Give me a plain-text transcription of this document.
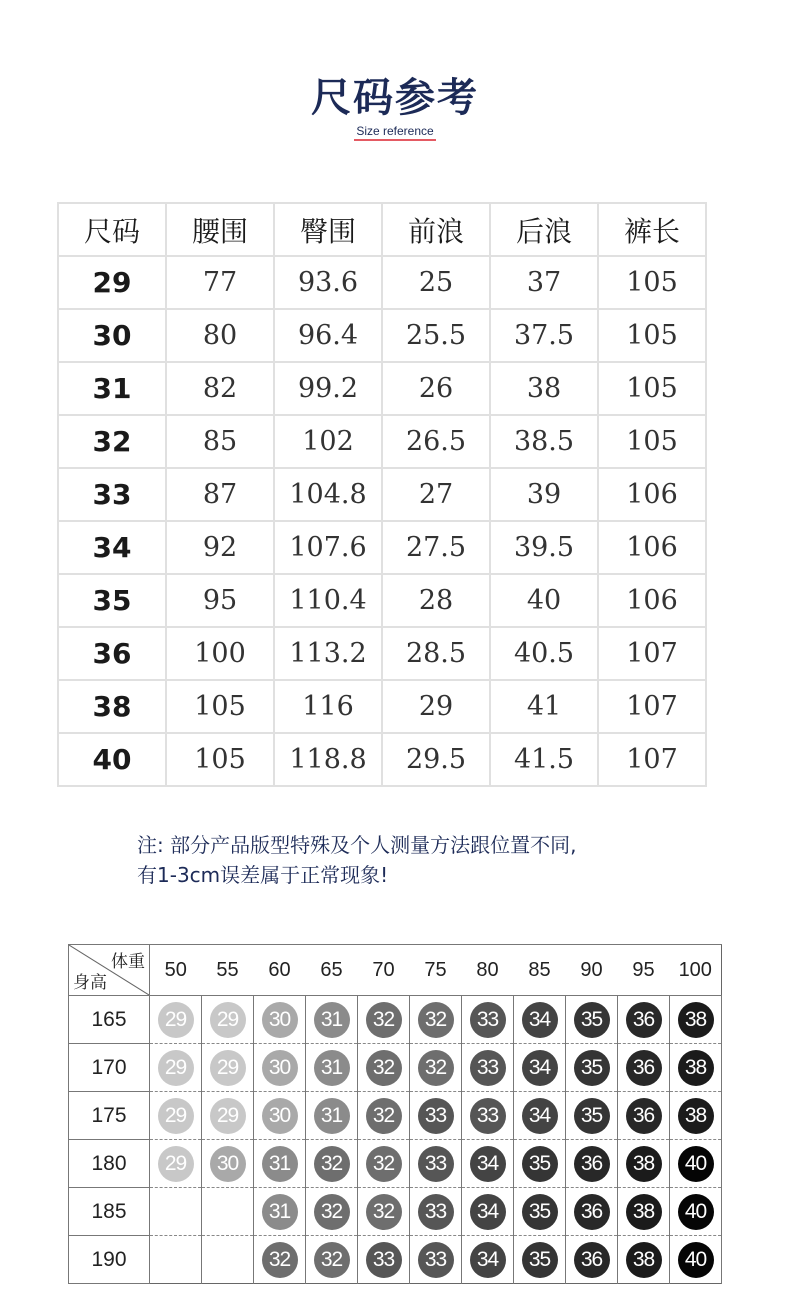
尺码参考
Size reference
尺码	腰围	臀围	前浪	后浪	裤长
29	77	93.6	25	37	105
30	80	96.4	25.5	37.5	105
31	82	99.2	26	38	105
32	85	102	26.5	38.5	105
33	87	104.8	27	39	106
34	92	107.6	27.5	39.5	106
35	95	110.4	28	40	106
36	100	113.2	28.5	40.5	107
38	105	116	29	41	107
40	105	118.8	29.5	41.5	107
注: 部分产品版型特殊及个人测量方法跟位置不同,
有1-3cm误差属于正常现象!
体重
身高	50	55	60	65	70	75	80	85	90	95	100
165	29	29	30	31	32	32	33	34	35	36	38
170	29	29	30	31	32	32	33	34	35	36	38
175	29	29	30	31	32	33	33	34	35	36	38
180	29	30	31	32	32	33	34	35	36	38	40
185			31	32	32	33	34	35	36	38	40
190			32	32	33	33	34	35	36	38	40
